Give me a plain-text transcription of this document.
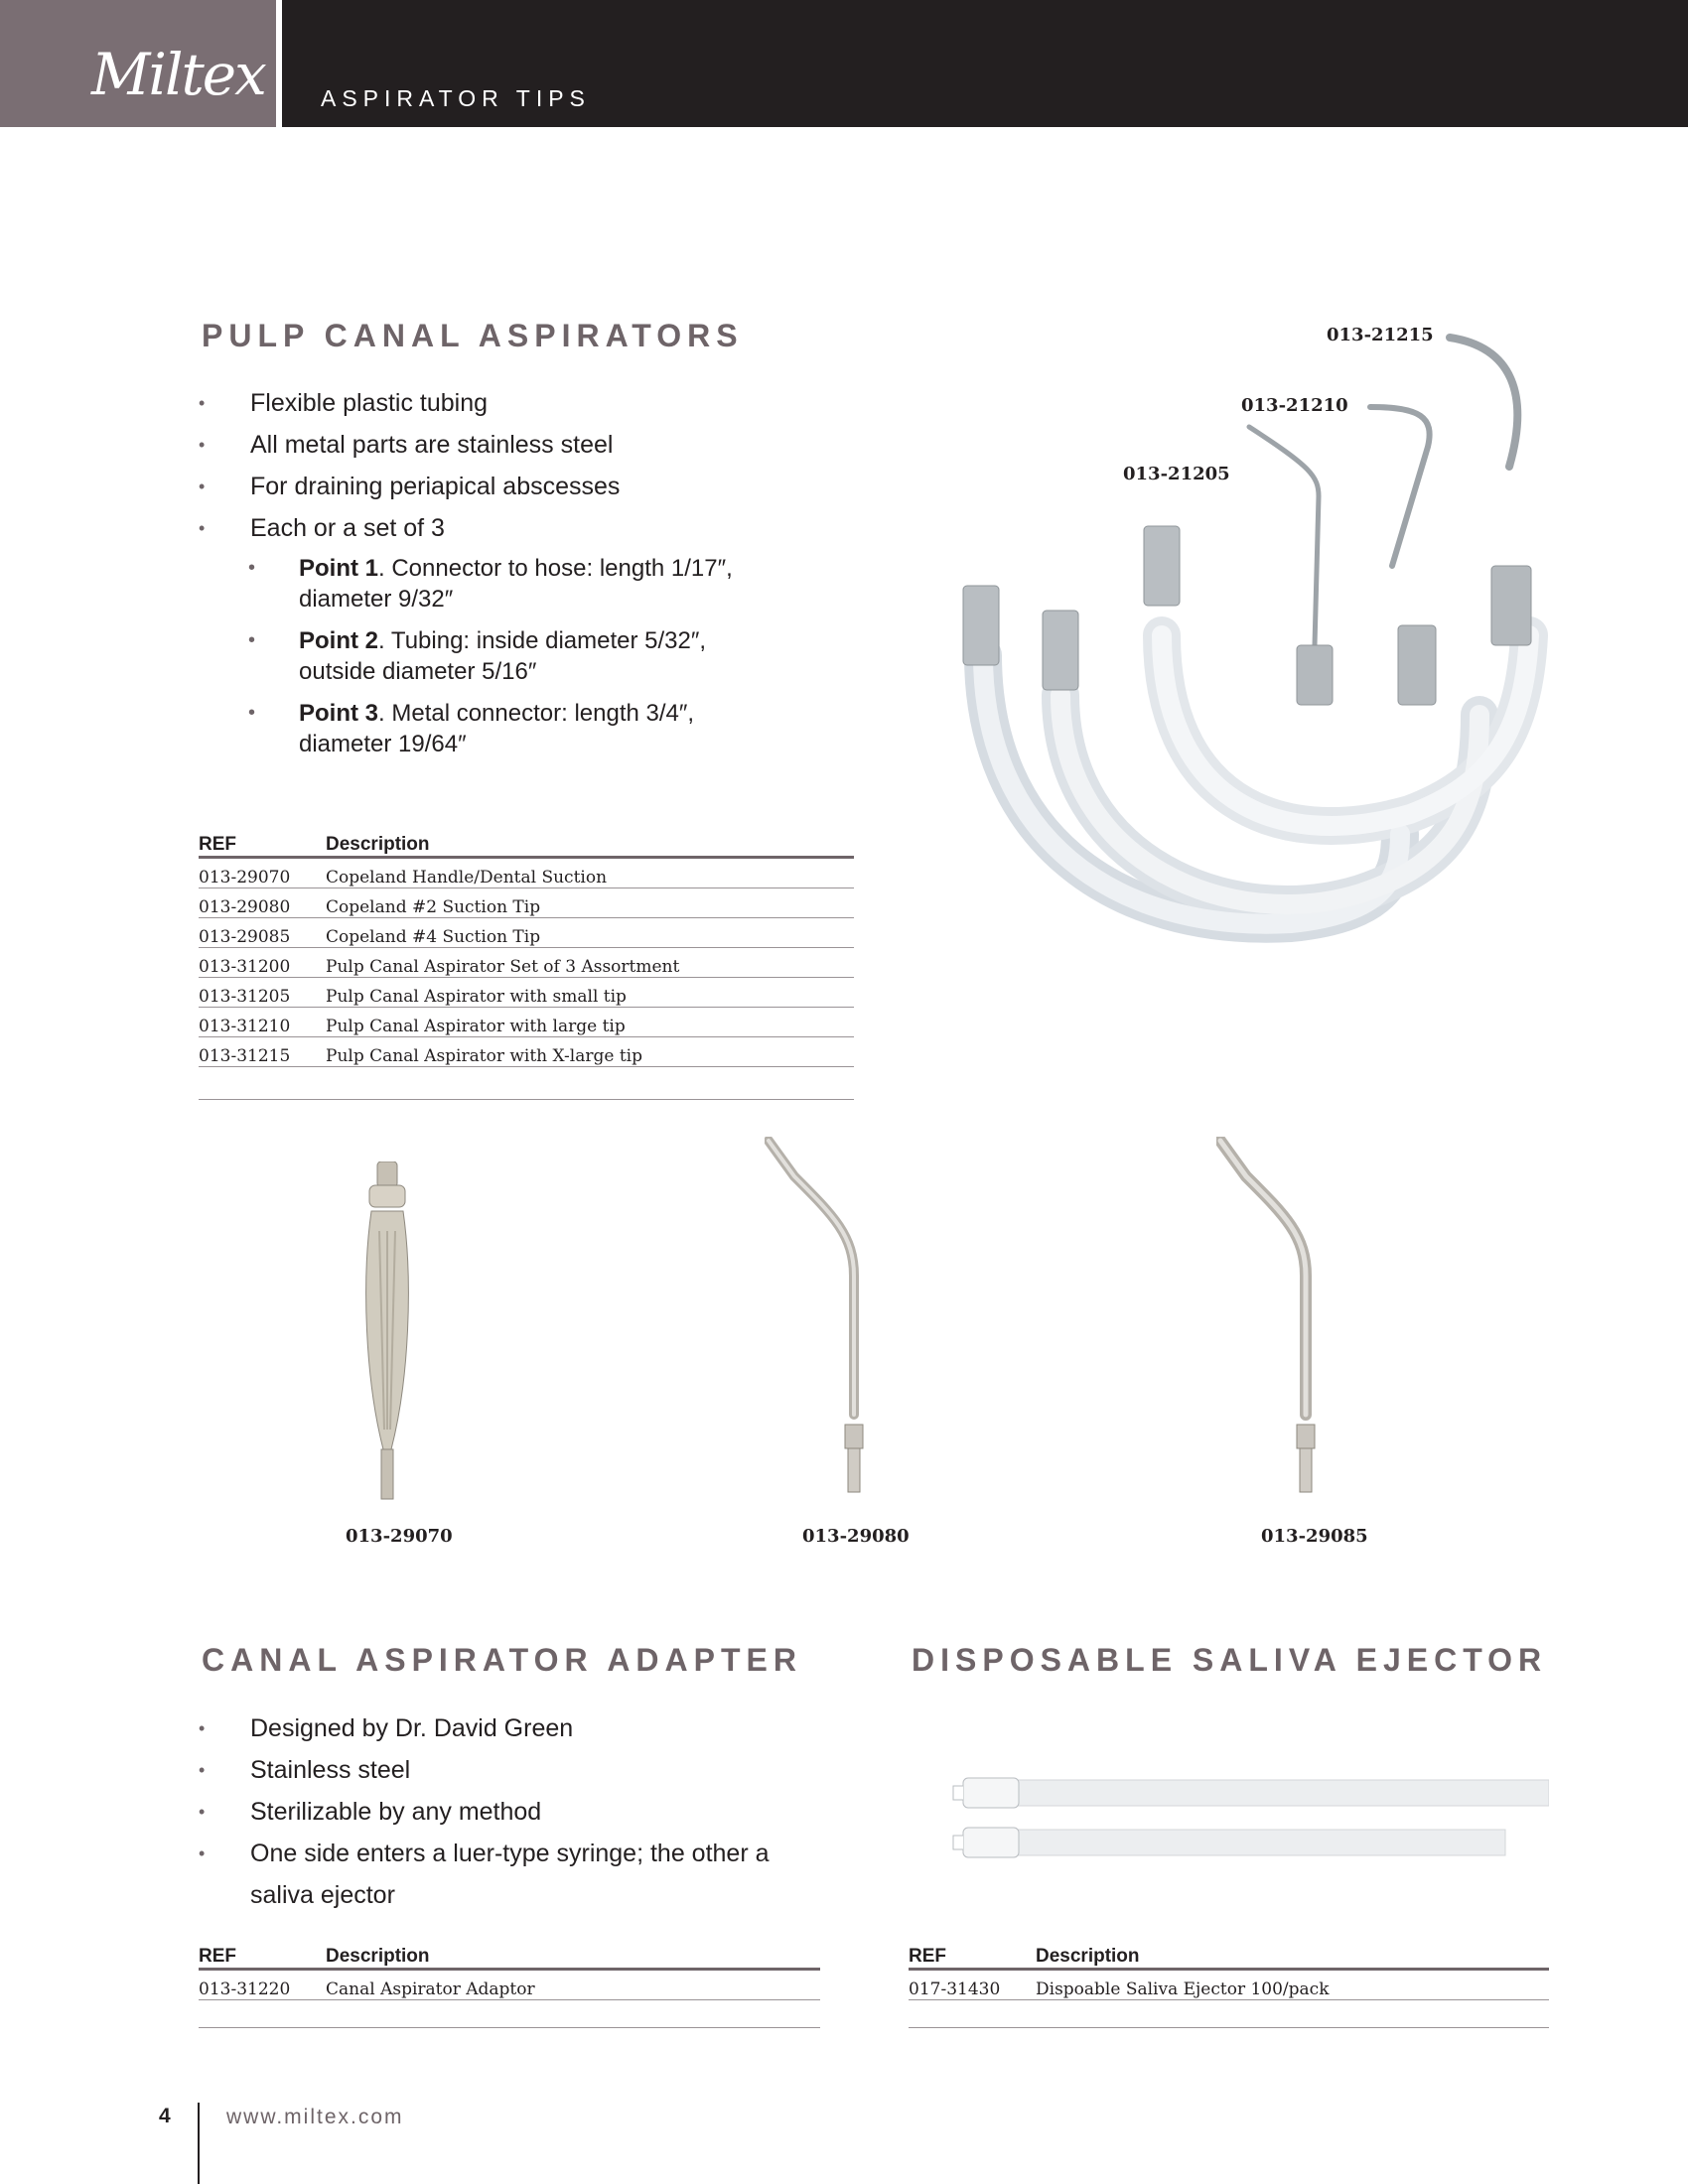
Miltex ASPIRATOR TIPS
PULP CANAL ASPIRATORS
• Flexible plastic tubing
• All metal parts are stainless steel
• For draining periapical abscesses
• Each or a set of 3
• Point 1. Connector to hose: length 1/17″, diameter 9/32″
• Point 2. Tubing: inside diameter 5/32″, outside diameter 5/16″
• Point 3. Metal connector: length 3/4″, diameter 19/64″
REF	Description
013-29070	Copeland Handle/Dental Suction
013-29080	Copeland #2 Suction Tip
013-29085	Copeland #4 Suction Tip
013-31200	Pulp Canal Aspirator Set of 3 Assortment
013-31205	Pulp Canal Aspirator with small tip
013-31210	Pulp Canal Aspirator with large tip
013-31215	Pulp Canal Aspirator with X-large tip
013-21215
013-21210
013-21205
013-29070	013-29080	013-29085
CANAL ASPIRATOR ADAPTER
• Designed by Dr. David Green
• Stainless steel
• Sterilizable by any method
• One side enters a luer-type syringe; the other a saliva ejector
REF	Description
013-31220	Canal Aspirator Adaptor
DISPOSABLE SALIVA EJECTOR
REF	Description
017-31430	Dispoable Saliva Ejector 100/pack
4	www.miltex.com
